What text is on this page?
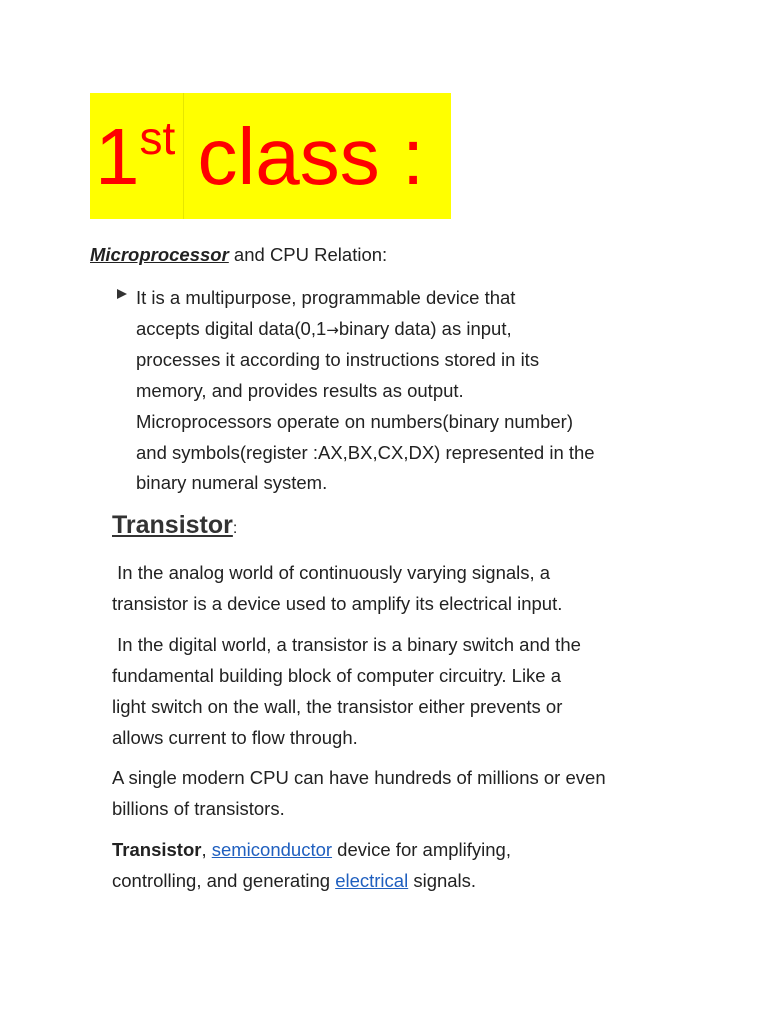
1st class :
Microprocessor and CPU Relation:
It is a multipurpose, programmable device that
accepts digital data(0,1→binary data) as input,
processes it according to instructions stored in its
memory, and provides results as output.
Microprocessors operate on numbers(binary number)
and symbols(register :AX,BX,CX,DX) represented in the
binary numeral system.
Transistor:
In the analog world of continuously varying signals, a
transistor is a device used to amplify its electrical input.
In the digital world, a transistor is a binary switch and the
fundamental building block of computer circuitry. Like a
light switch on the wall, the transistor either prevents or
allows current to flow through.
A single modern CPU can have hundreds of millions or even
billions of transistors.
Transistor, semiconductor device for amplifying,
controlling, and generating electrical signals.
